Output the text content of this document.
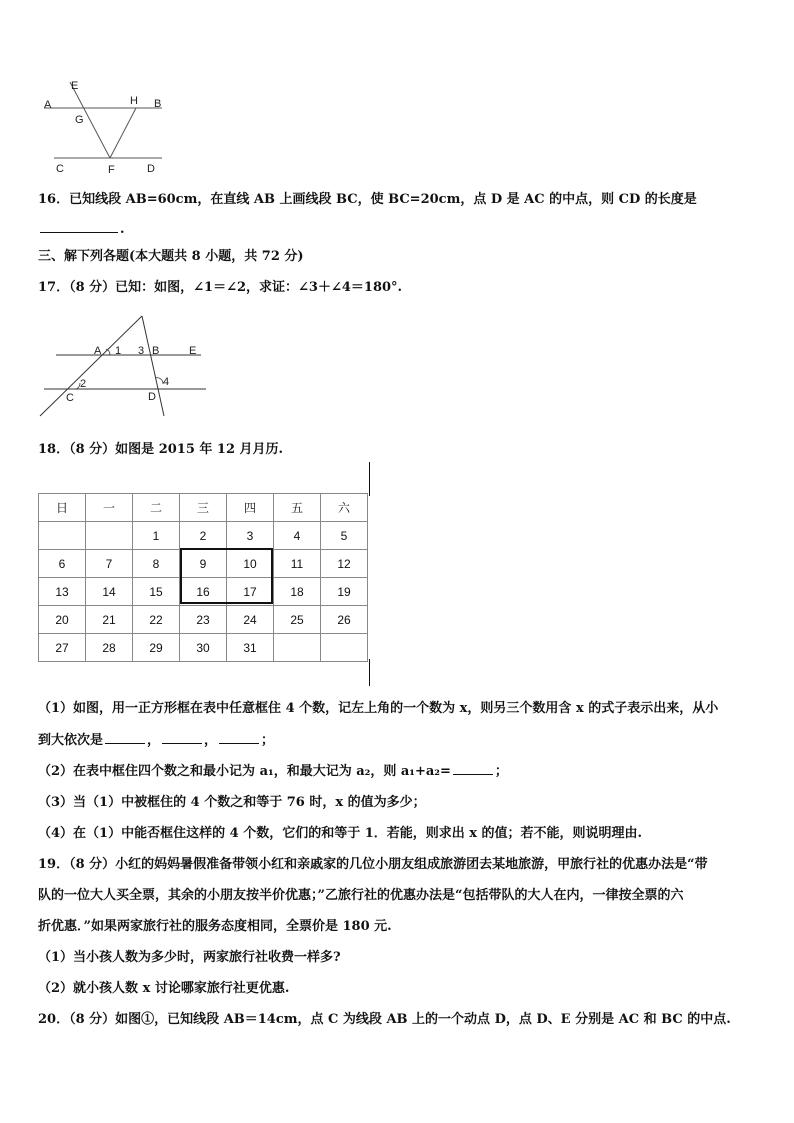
A
E
H B
G
C	F	D
16．已知线段 AB=60cm，在直线 AB 上画线段 BC，使 BC=20cm，点 D 是 AC 的中点，则 CD 的长度是
.
三、解下列各题(本大题共 8 小题，共 72 分)
17．（8 分）已知：如图，∠1＝∠2，求证：∠3＋∠4＝180°.
A 1 3 B	E
2
C
4
D
18．（8 分）如图是 2015 年 12 月月历.
日	一	二	三	四	五	六
		1	2	3	4	5
6	7	8	9	10	11	12
13	14	15	16	17	18	19
20	21	22	23	24	25	26
27	28	29	30	31		
（1）如图，用一正方形框在表中任意框住 4 个数，记左上角的一个数为 x，则另三个数用含 x 的式子表示出来，从小
到大依次是	，	，	；
（2）在表中框住四个数之和最小记为 a₁，和最大记为 a₂，则 a₁+a₂=	；
（3）当（1）中被框住的 4 个数之和等于 76 时，x 的值为多少；
（4）在（1）中能否框住这样的 4 个数，它们的和等于 1．若能，则求出 x 的值；若不能，则说明理由.
19．（8 分）小红的妈妈暑假准备带领小红和亲戚家的几位小朋友组成旅游团去某地旅游，甲旅行社的优惠办法是“带
队的一位大人买全票，其余的小朋友按半价优惠；”乙旅行社的优惠办法是“包括带队的大人在内，一律按全票的六
折优惠．”如果两家旅行社的服务态度相同，全票价是 180 元.
（1）当小孩人数为多少时，两家旅行社收费一样多?
（2）就小孩人数 x 讨论哪家旅行社更优惠.
20．（8 分）如图①，已知线段 AB＝14cm，点 C 为线段 AB 上的一个动点 D，点 D、E 分别是 AC 和 BC 的中点.
